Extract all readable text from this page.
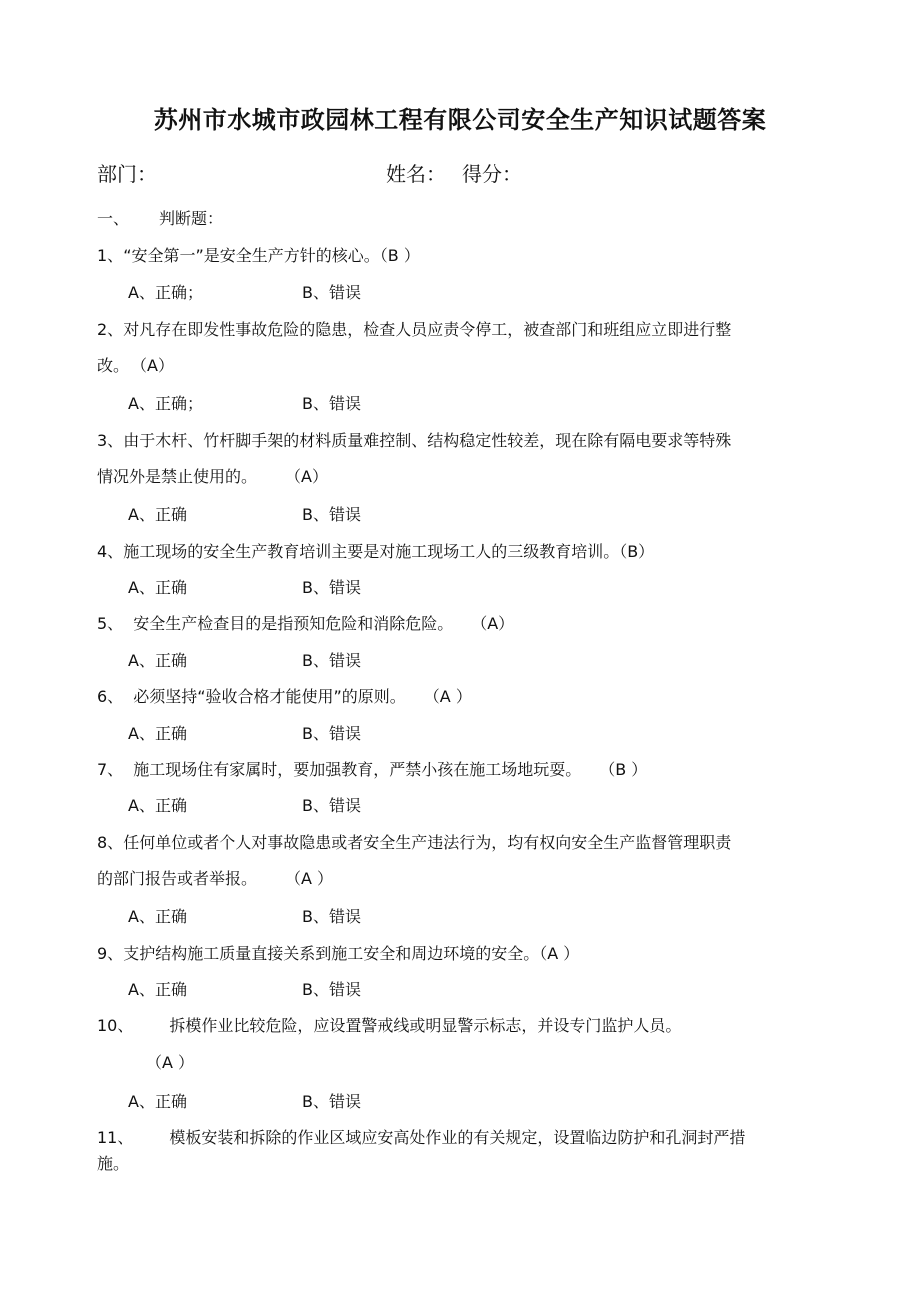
苏州市水城市政园林工程有限公司安全生产知识试题答案
部门：	姓名： 得分：
一、 判断题：
1、“安全第一”是安全生产方针的核心。（B ）
A、正确；	B、错误
2、对凡存在即发性事故危险的隐患，检查人员应责令停工，被查部门和班组应立即进行整
改。 （A）
A、正确；	B、错误
3、由于木杆、竹杆脚手架的材料质量难控制、结构稳定性较差，现在除有隔电要求等特殊
情况外是禁止使用的。 （A）
A、正确	B、错误
4、施工现场的安全生产教育培训主要是对施工现场工人的三级教育培训。（B）
A、正确	B、错误
5、 安全生产检查目的是指预知危险和消除危险。 （A）
A、正确	B、错误
6、 必须坚持“验收合格才能使用”的原则。 （A ）
A、正确	B、错误
7、 施工现场住有家属时，要加强教育，严禁小孩在施工场地玩耍。 （B ）
A、正确	B、错误
8、任何单位或者个人对事故隐患或者安全生产违法行为，均有权向安全生产监督管理职责
的部门报告或者举报。 （A ）
A、正确	B、错误
9、支护结构施工质量直接关系到施工安全和周边环境的安全。（A ）
A、正确	B、错误
10、 拆模作业比较危险，应设置警戒线或明显警示标志，并设专门监护人员。
（A ）
A、正确	B、错误
11、 模板安装和拆除的作业区域应安高处作业的有关规定，设置临边防护和孔洞封严措
施。
